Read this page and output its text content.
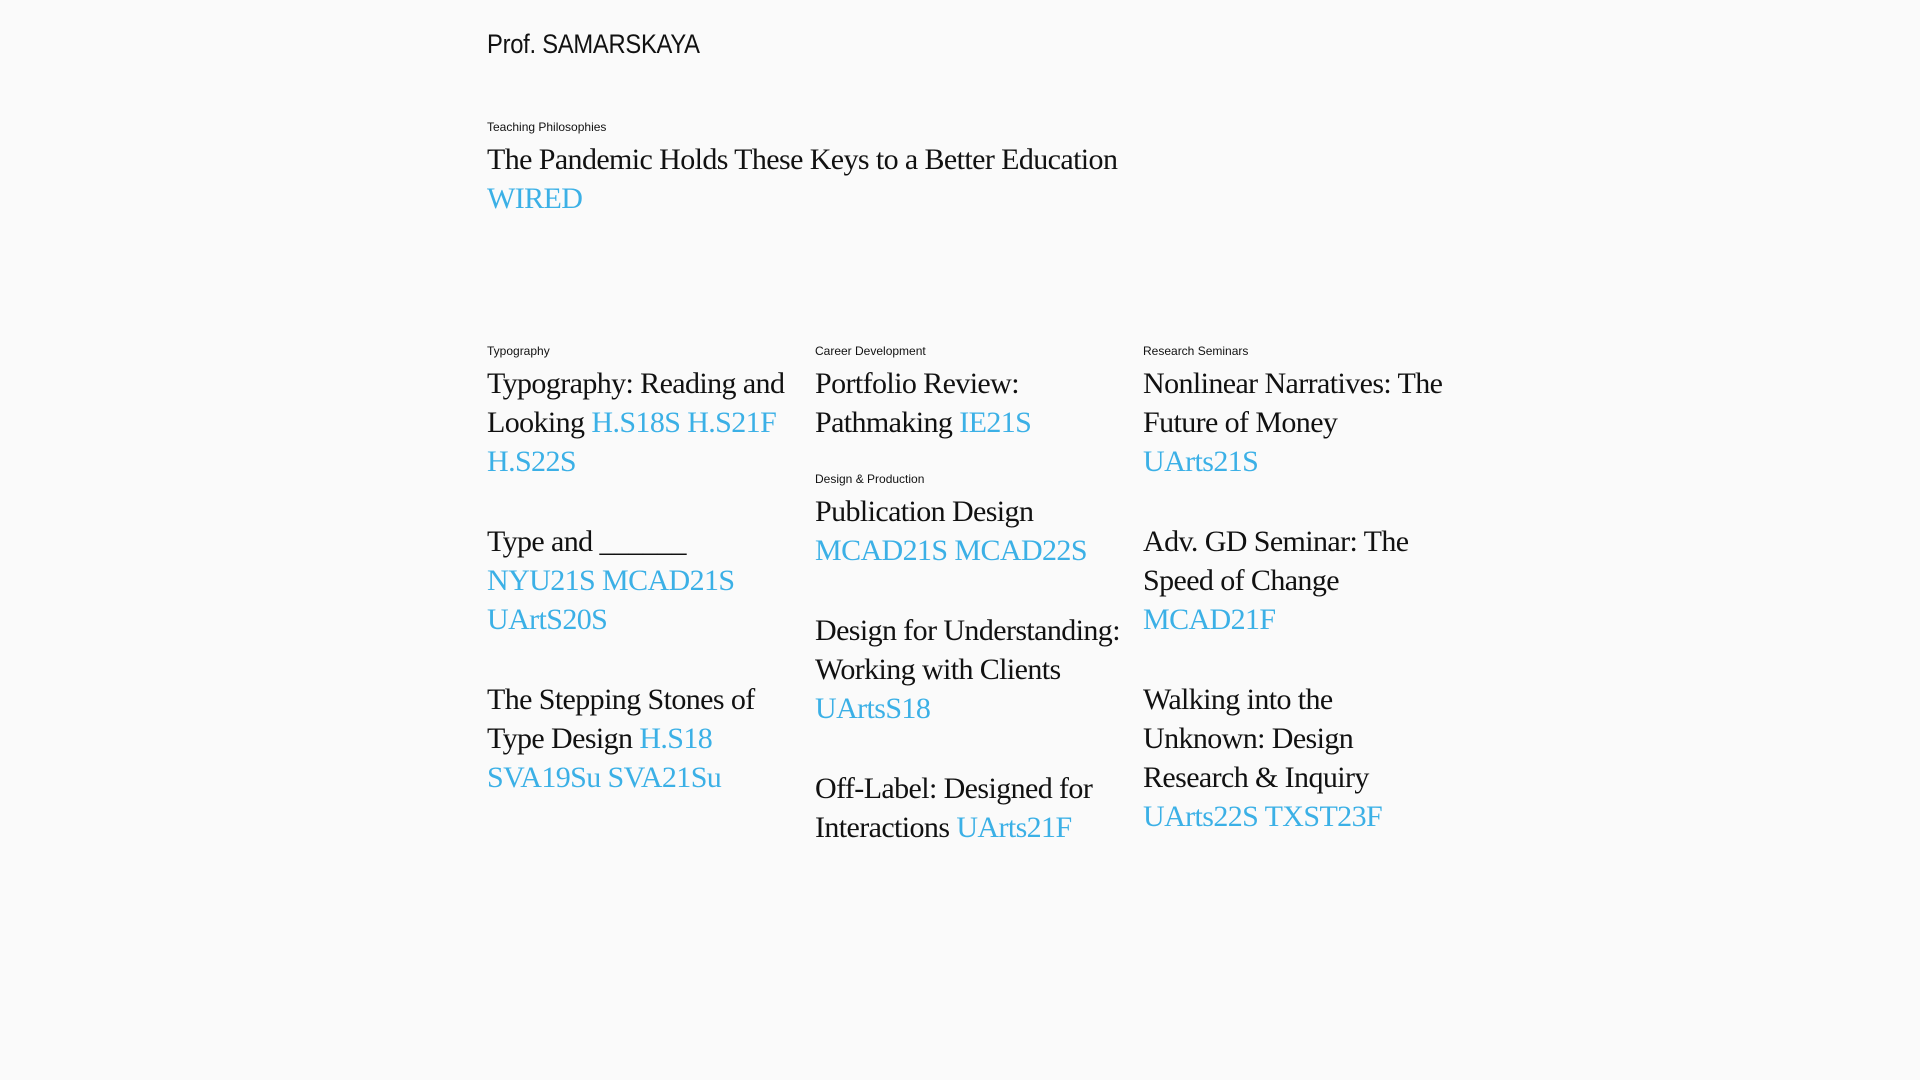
Prof. SAMARSKAYA
Teaching Philosophies
The Pandemic Holds These Keys to a Better Education
WIRED
Typography
Typography: Reading and Looking H.S18S H.S21F H.S22S
Type and ______
NYU21S MCAD21S UArtS20S
The Stepping Stones of Type Design H.S18 SVA19Su SVA21Su
Career Development
Portfolio Review: Pathmaking IE21S
Design & Production
Publication Design
MCAD21S MCAD22S
Design for Understanding: Working with Clients UArtsS18
Off-Label: Designed for Interactions UArts21F
Research Seminars
Nonlinear Narratives: The Future of Money
UArts21S
Adv. GD Seminar: The Speed of Change
MCAD21F
Walking into the Unknown: Design Research & Inquiry
UArts22S TXST23F
